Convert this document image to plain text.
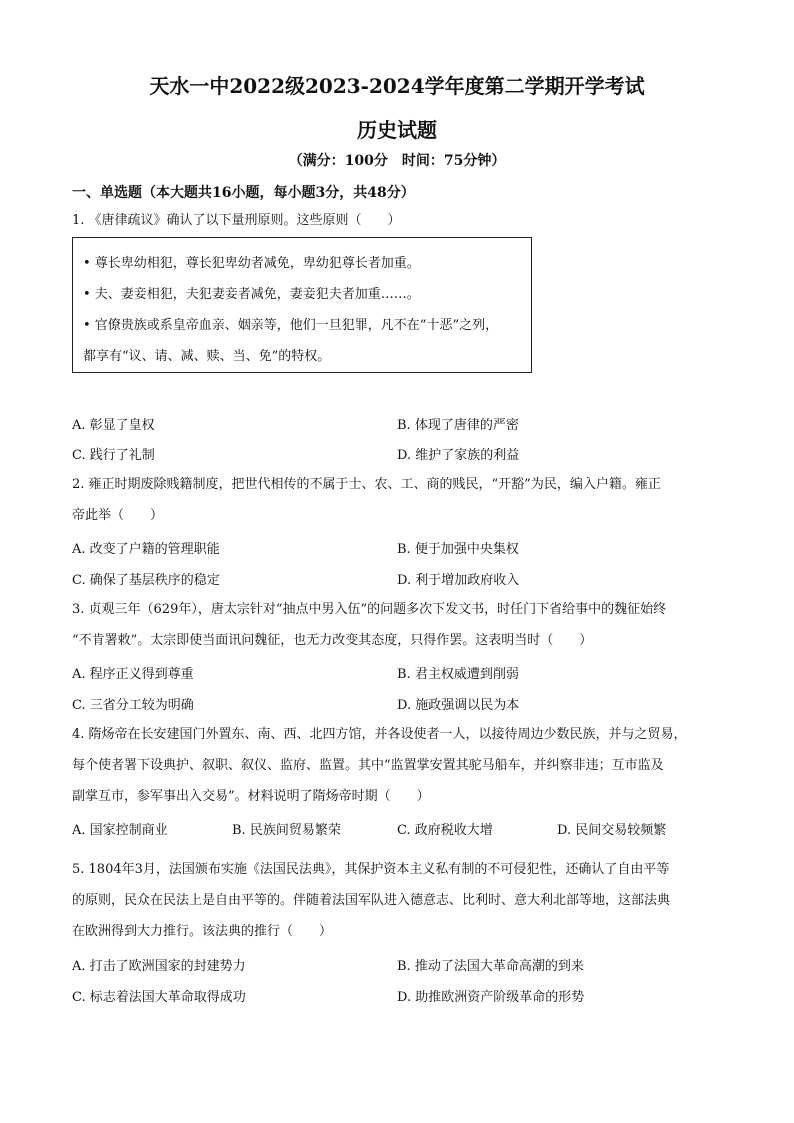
天水一中2022级2023-2024学年度第二学期开学考试
历史试题
（满分：100分　时间：75分钟）
一、单选题（本大题共16小题，每小题3分，共48分）
1. 《唐律疏议》确认了以下量刑原则。这些原则（　　）
• 尊长卑幼相犯，尊长犯卑幼者减免，卑幼犯尊长者加重。
• 夫、妻妾相犯，夫犯妻妾者减免，妻妾犯夫者加重……。
• 官僚贵族或系皇帝血亲、姻亲等，他们一旦犯罪，凡不在“十恶”之列，
都享有“议、请、减、赎、当、免”的特权。
A. 彰显了皇权	B. 体现了唐律的严密
C. 践行了礼制	D. 维护了家族的利益
2. 雍正时期废除贱籍制度，把世代相传的不属于士、农、工、商的贱民，“开豁”为民，编入户籍。雍正
帝此举（　　）
A. 改变了户籍的管理职能	B. 便于加强中央集权
C. 确保了基层秩序的稳定	D. 利于增加政府收入
3. 贞观三年（629年），唐太宗针对“抽点中男入伍”的问题多次下发文书，时任门下省给事中的魏征始终
“不肯署敕”。太宗即使当面讯问魏征，也无力改变其态度，只得作罢。这表明当时（　　）
A. 程序正义得到尊重	B. 君主权威遭到削弱
C. 三省分工较为明确	D. 施政强调以民为本
4. 隋炀帝在长安建国门外置东、南、西、北四方馆，并各设使者一人，以接待周边少数民族，并与之贸易，
每个使者署下设典护、叙职、叙仪、监府、监置。其中“监置掌安置其驼马船车，并纠察非违；互市监及
副掌互市，参军事出入交易”。材料说明了隋炀帝时期（　　）
A. 国家控制商业	B. 民族间贸易繁荣	C. 政府税收大增	D. 民间交易较频繁
5. 1804年3月，法国颁布实施《法国民法典》，其保护资本主义私有制的不可侵犯性，还确认了自由平等
的原则，民众在民法上是自由平等的。伴随着法国军队进入德意志、比利时、意大利北部等地，这部法典
在欧洲得到大力推行。该法典的推行（　　）
A. 打击了欧洲国家的封建势力	B. 推动了法国大革命高潮的到来
C. 标志着法国大革命取得成功	D. 助推欧洲资产阶级革命的形势
